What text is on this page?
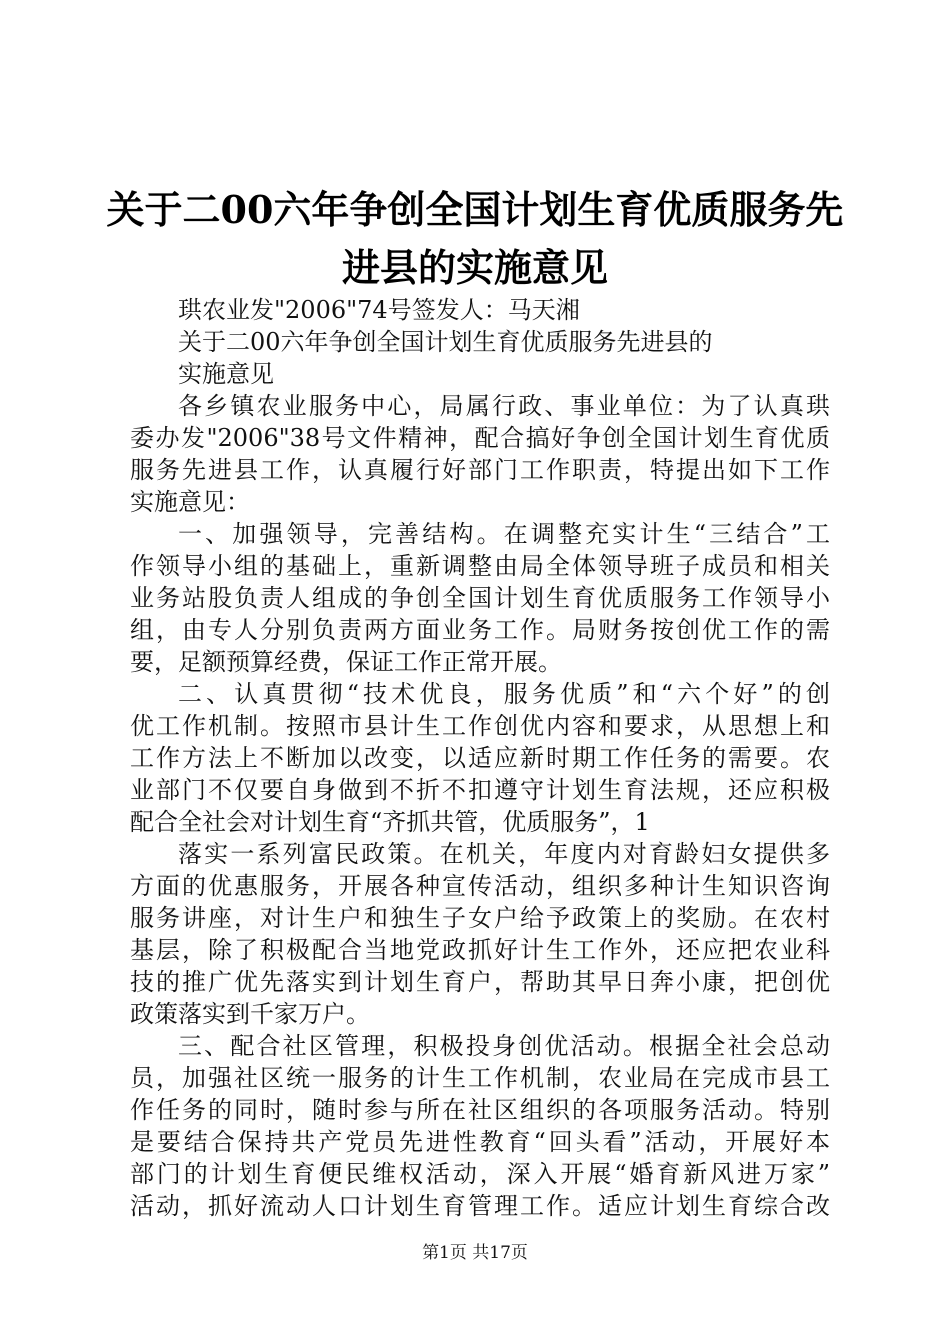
关于二00六年争创全国计划生育优质服务先
进县的实施意见
珙农业发"2006"74号签发人：马天湘
关于二00六年争创全国计划生育优质服务先进县的
实施意见
各乡镇农业服务中心，局属行政、事业单位：为了认真珙
委办发"2006"38号文件精神，配合搞好争创全国计划生育优质
服务先进县工作，认真履行好部门工作职责，特提出如下工作
实施意见：
一、加强领导，完善结构。在调整充实计生“三结合”工
作领导小组的基础上，重新调整由局全体领导班子成员和相关
业务站股负责人组成的争创全国计划生育优质服务工作领导小
组，由专人分别负责两方面业务工作。局财务按创优工作的需
要，足额预算经费，保证工作正常开展。
二、认真贯彻“技术优良，服务优质”和“六个好”的创
优工作机制。按照市县计生工作创优内容和要求，从思想上和
工作方法上不断加以改变，以适应新时期工作任务的需要。农
业部门不仅要自身做到不折不扣遵守计划生育法规，还应积极
配合全社会对计划生育“齐抓共管，优质服务”，1
落实一系列富民政策。在机关，年度内对育龄妇女提供多
方面的优惠服务，开展各种宣传活动，组织多种计生知识咨询
服务讲座，对计生户和独生子女户给予政策上的奖励。在农村
基层，除了积极配合当地党政抓好计生工作外，还应把农业科
技的推广优先落实到计划生育户，帮助其早日奔小康，把创优
政策落实到千家万户。
三、配合社区管理，积极投身创优活动。根据全社会总动
员，加强社区统一服务的计生工作机制，农业局在完成市县工
作任务的同时，随时参与所在社区组织的各项服务活动。特别
是要结合保持共产党员先进性教育“回头看”活动，开展好本
部门的计划生育便民维权活动，深入开展“婚育新风进万家”
活动，抓好流动人口计划生育管理工作。适应计划生育综合改
第1页 共17页
